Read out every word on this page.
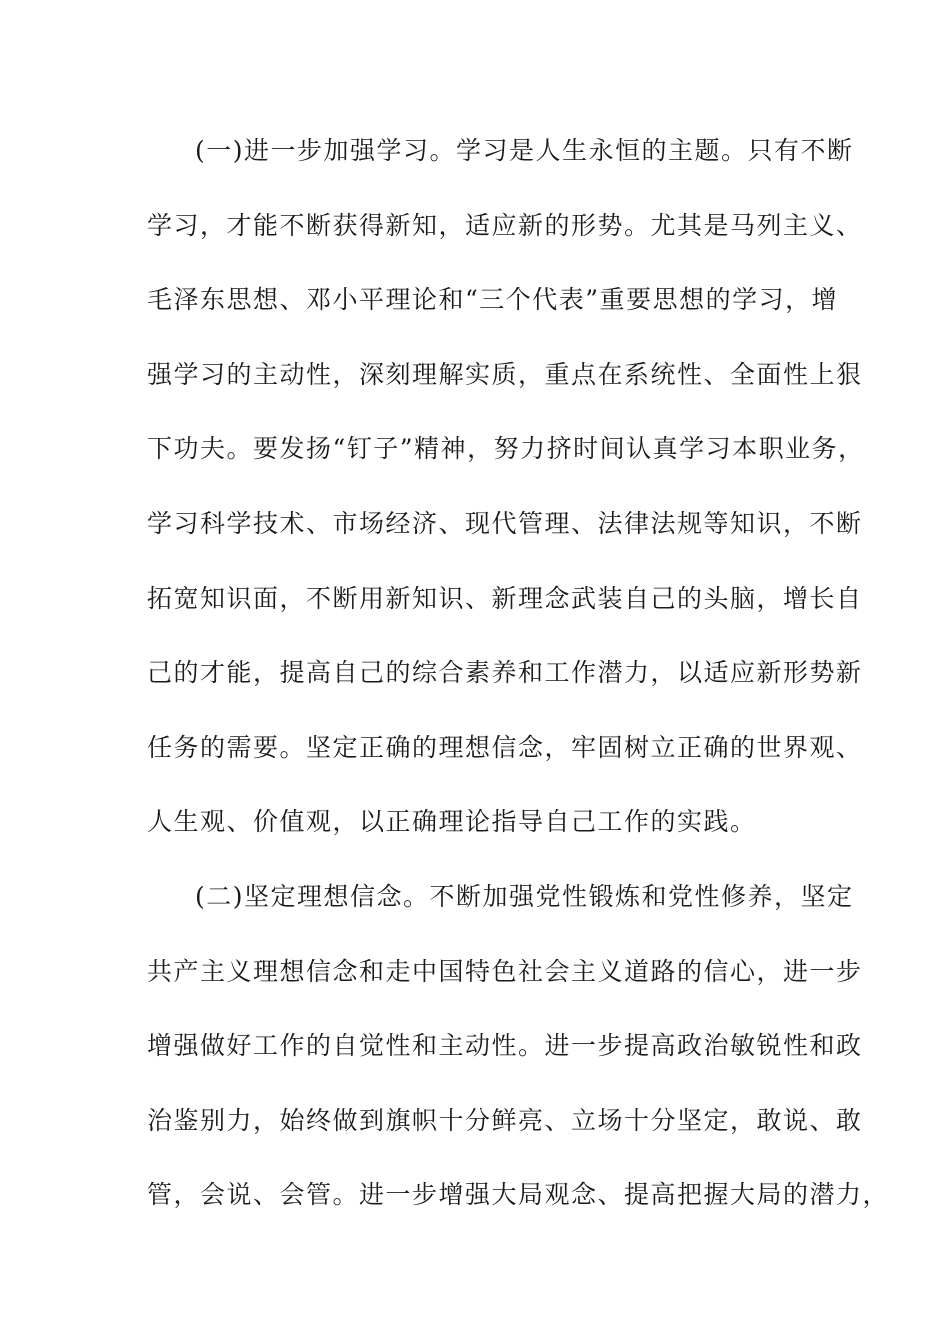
(一)进一步加强学习。学习是人生永恒的主题。只有不断
学习，才能不断获得新知，适应新的形势。尤其是马列主义、
毛泽东思想、邓小平理论和“三个代表”重要思想的学习，增
强学习的主动性，深刻理解实质，重点在系统性、全面性上狠
下功夫。要发扬“钉子”精神，努力挤时间认真学习本职业务，
学习科学技术、市场经济、现代管理、法律法规等知识，不断
拓宽知识面，不断用新知识、新理念武装自己的头脑，增长自
己的才能，提高自己的综合素养和工作潜力，以适应新形势新
任务的需要。坚定正确的理想信念，牢固树立正确的世界观、
人生观、价值观，以正确理论指导自己工作的实践。
(二)坚定理想信念。不断加强党性锻炼和党性修养，坚定
共产主义理想信念和走中国特色社会主义道路的信心，进一步
增强做好工作的自觉性和主动性。进一步提高政治敏锐性和政
治鉴别力，始终做到旗帜十分鲜亮、立场十分坚定，敢说、敢
管，会说、会管。进一步增强大局观念、提高把握大局的潜力，
